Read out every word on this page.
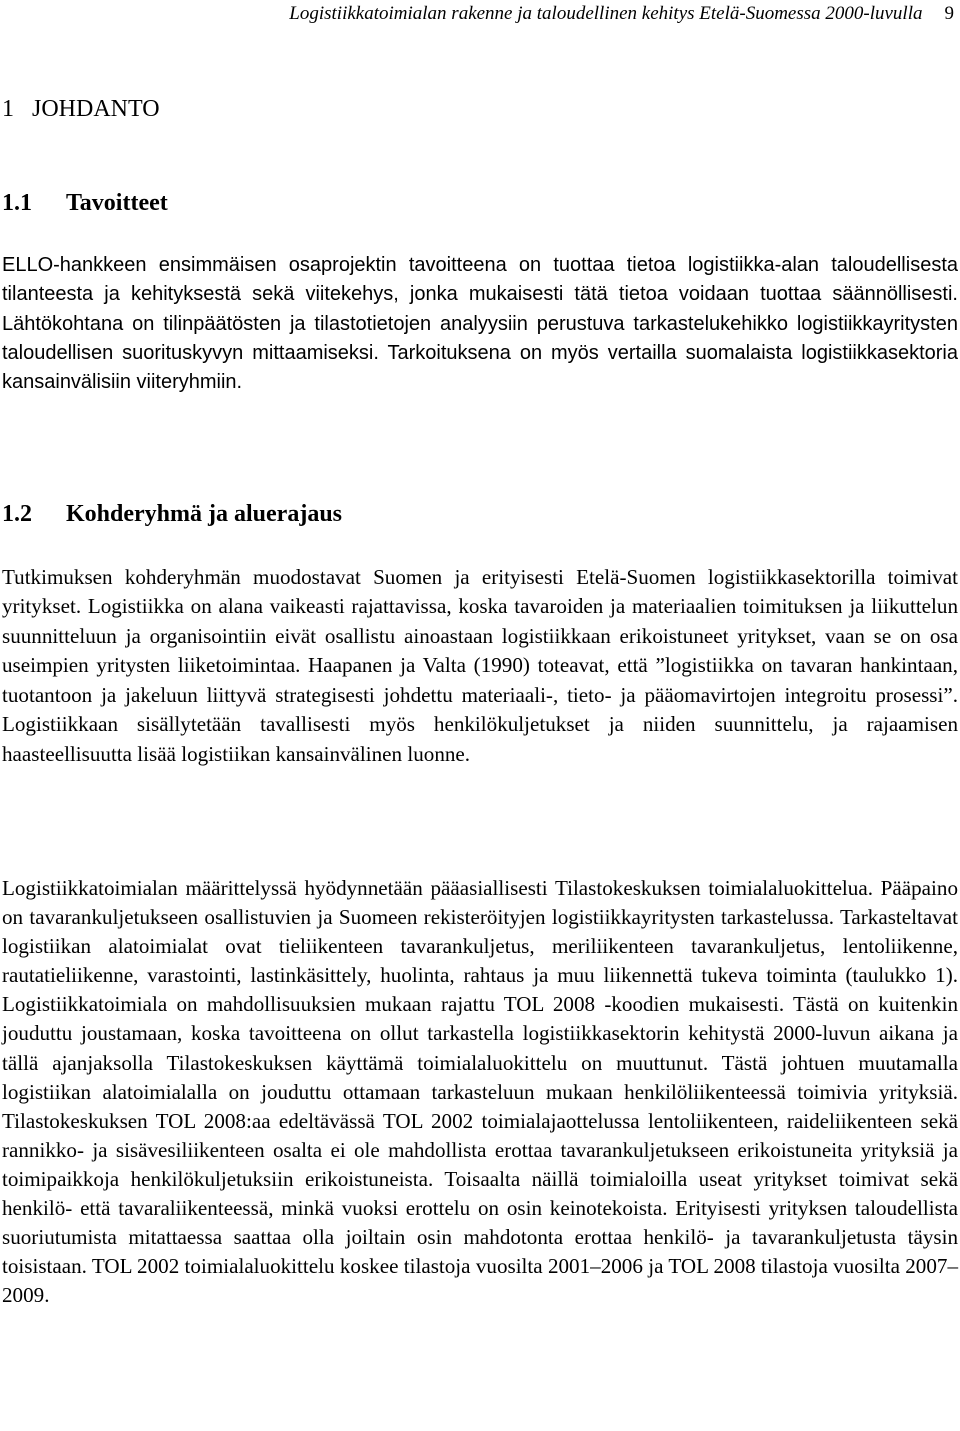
Logistiikkatoimialan rakenne ja taloudellinen kehitys Etelä-Suomessa 2000-luvulla 9
1 JOHDANTO
1.1 Tavoitteet

ELLO-hankkeen ensimmäisen osaprojektin tavoitteena on tuottaa tietoa logistiikka-alan taloudellisesta tilanteesta ja kehityksestä sekä viitekehys, jonka mukaisesti tätä tietoa voidaan tuottaa säännöllisesti. Lähtökohtana on tilinpäätösten ja tilastotietojen analyysiin perustuva tarkastelukehikko logistiikkayritysten taloudellisen suorituskyvyn mittaamiseksi. Tarkoituksena on myös vertailla suomalaista logistiikkasektoria kansainvälisiin viiteryhmiin.

1.2 Kohderyhmä ja aluerajaus

Tutkimuksen kohderyhmän muodostavat Suomen ja erityisesti Etelä-Suomen logistiikkasektorilla toimivat yritykset. Logistiikka on alana vaikeasti rajattavissa, koska tavaroiden ja materiaalien toimituksen ja liikuttelun suunnitteluun ja organisointiin eivät osallistu ainoastaan logistiikkaan erikoistuneet yritykset, vaan se on osa useimpien yritysten liiketoimintaa. Haapanen ja Valta (1990) toteavat, että ”logistiikka on tavaran hankintaan, tuotantoon ja jakeluun liittyvä strategisesti johdettu materiaali-, tieto- ja pääomavirtojen integroitu prosessi”. Logistiikkaan sisällytetään tavallisesti myös henkilökuljetukset ja niiden suunnittelu, ja rajaamisen haasteellisuutta lisää logistiikan kansainvälinen luonne.

Logistiikkatoimialan määrittelyssä hyödynnetään pääasiallisesti Tilastokeskuksen toimialaluokittelua. Pääpaino on tavarankuljetukseen osallistuvien ja Suomeen rekisteröityjen logistiikkayritysten tarkastelussa. Tarkasteltavat logistiikan alatoimialat ovat tieliikenteen tavarankuljetus, meriliikenteen tavarankuljetus, lentoliikenne, rautatieliikenne, varastointi, lastinkäsittely, huolinta, rahtaus ja muu liikennettä tukeva toiminta (taulukko 1). Logistiikkatoimiala on mahdollisuuksien mukaan rajattu TOL 2008 -koodien mukaisesti. Tästä on kuitenkin jouduttu joustamaan, koska tavoitteena on ollut tarkastella logistiikkasektorin kehitystä 2000-luvun aikana ja tällä ajanjaksolla Tilastokeskuksen käyttämä toimialaluokittelu on muuttunut. Tästä johtuen muutamalla logistiikan alatoimialalla on jouduttu ottamaan tarkasteluun mukaan henkilöliikenteessä toimivia yrityksiä. Tilastokeskuksen TOL 2008:aa edeltävässä TOL 2002 toimialajaottelussa lentoliikenteen, raideliikenteen sekä rannikko- ja sisävesiliikenteen osalta ei ole mahdollista erottaa tavarankuljetukseen erikoistuneita yrityksiä ja toimipaikkoja henkilökuljetuksiin erikoistuneista. Toisaalta näillä toimialoilla useat yritykset toimivat sekä henkilö- että tavaraliikenteessä, minkä vuoksi erottelu on osin keinotekoista. Erityisesti yrityksen taloudellista suoriutumista mitattaessa saattaa olla joiltain osin mahdotonta erottaa henkilö- ja tavarankuljetusta täysin toisistaan. TOL 2002 toimialaluokittelu koskee tilastoja vuosilta 2001–2006 ja TOL 2008 tilastoja vuosilta 2007–2009.
